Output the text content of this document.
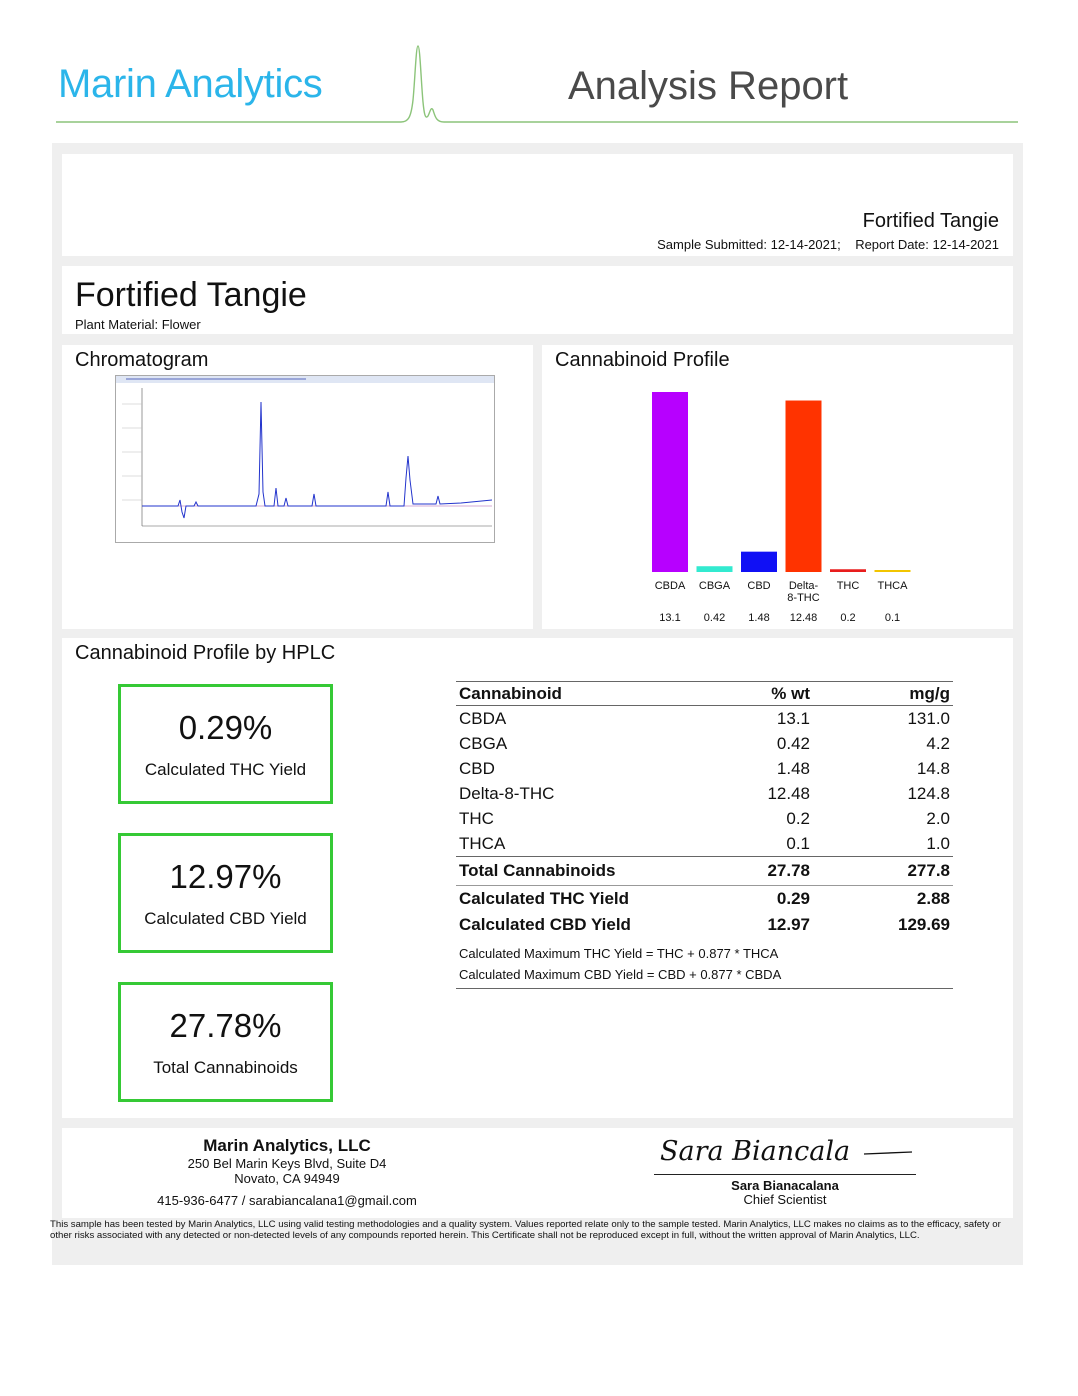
Marin Analytics	Analysis Report
Fortified Tangie
Sample Submitted: 12-14-2021; Report Date: 12-14-2021
Fortified Tangie
Plant Material: Flower
Chromatogram	Cannabinoid Profile
CBDA
13.1
CBGA
0.42
CBD
1.48
Delta-8-THC
12.48
THC
0.2
THCA
0.1
Cannabinoid Profile by HPLC
0.29%
Calculated THC Yield
12.97%
Calculated CBD Yield
27.78%
Total Cannabinoids
Cannabinoid	% wt	mg/g
CBDA	13.1	131.0
CBGA	0.42	4.2
CBD	1.48	14.8
Delta-8-THC	12.48	124.8
THC	0.2	2.0
THCA	0.1	1.0
Total Cannabinoids	27.78	277.8
Calculated THC Yield	0.29	2.88
Calculated CBD Yield	12.97	129.69
Calculated Maximum THC Yield = THC + 0.877 * THCA		
Calculated Maximum CBD Yield = CBD + 0.877 * CBDA		
Marin Analytics, LLC
250 Bel Marin Keys Blvd, Suite D4
Novato, CA 94949
415-936-6477 / sarabiancalana1@gmail.com
Sara Biancala
Sara Bianacalana
Chief Scientist
This sample has been tested by Marin Analytics, LLC using valid testing methodologies and a quality system. Values reported relate only to the sample tested. Marin Analytics, LLC makes no claims as to the efficacy, safety or other risks associated with any detected or non-detected levels of any compounds reported herein. This Certificate shall not be reproduced except in full, without the written approval of Marin Analytics, LLC.
